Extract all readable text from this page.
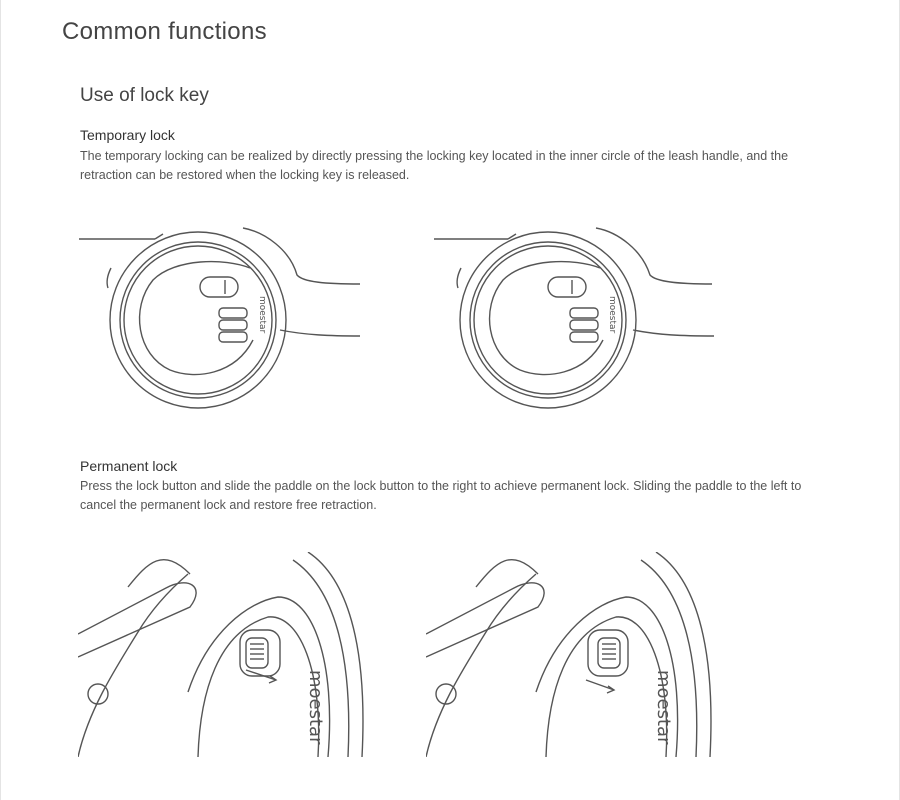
Common functions
Use of lock key
Temporary lock
The temporary locking can be realized by directly pressing the locking key located in the inner circle of the leash handle, and the retraction can be restored when the locking key is released.
moestar	moestar
Permanent lock
Press the lock button and slide the paddle on the lock button to the right to achieve permanent lock. Sliding the paddle to the left to cancel the permanent lock and restore free retraction.
moestar	moestar
